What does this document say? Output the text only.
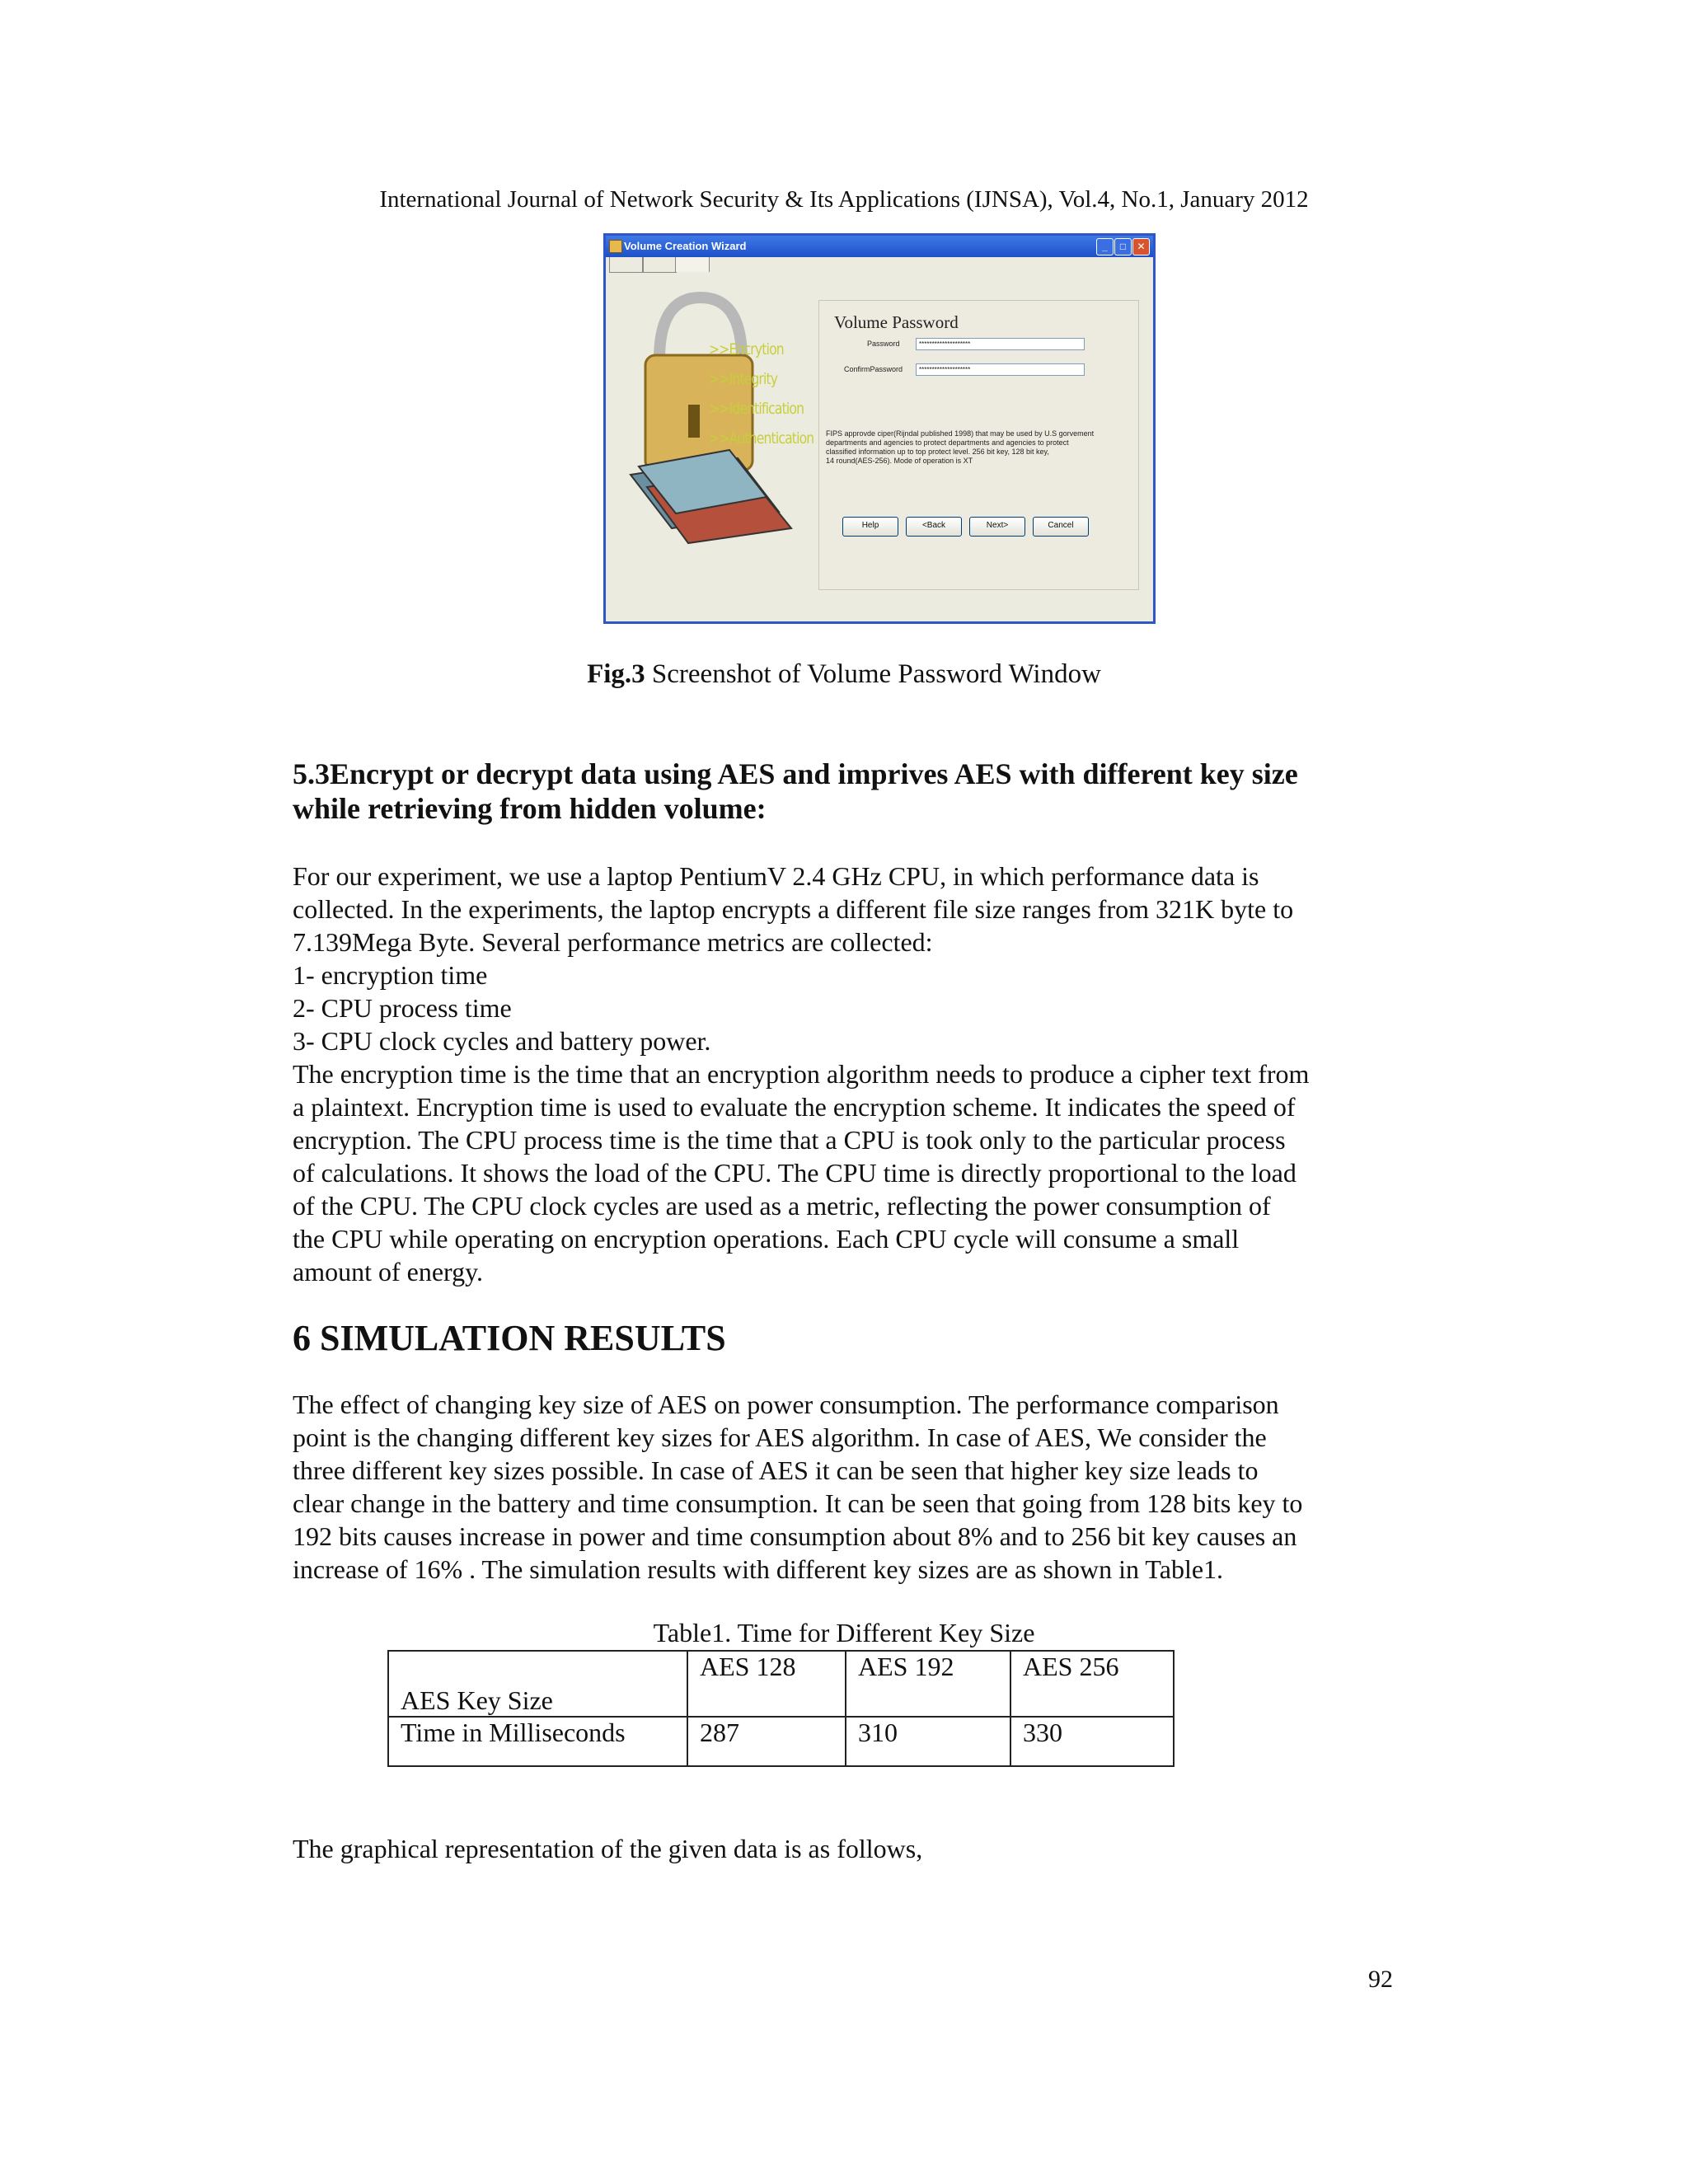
International Journal of Network Security & Its Applications (IJNSA), Vol.4, No.1, January 2012
Volume Creation Wizard	_	□	✕
>>Encrytion
>>Integrity
>>Identification
>>Authentication
Volume Password
Password	********************
ConfirmPassword	********************
FIPS approvde ciper(Rijndal published 1998) that may be used by U.S gorvement
departments and agencies to protect departments and agencies to protect
classified information up to top protect level. 256 bit key, 128 bit key,
14 round(AES-256). Mode of operation is XT
Help	<Back	Next>	Cancel
Fig.3 Screenshot of Volume Password Window
5.3Encrypt or decrypt data using AES and imprives AES with different key size
while retrieving from hidden volume:

For our experiment, we use a laptop PentiumV 2.4 GHz CPU, in which performance data is

collected. In the experiments, the laptop encrypts a different file size ranges from 321K byte to

7.139Mega Byte. Several performance metrics are collected:

1- encryption time

2- CPU process time

3- CPU clock cycles and battery power.

The encryption time is the time that an encryption algorithm needs to produce a cipher text from

a plaintext. Encryption time is used to evaluate the encryption scheme. It indicates the speed of

encryption. The CPU process time is the time that a CPU is took only to the particular process

of calculations. It shows the load of the CPU. The CPU time is directly proportional to the load

of the CPU. The CPU clock cycles are used as a metric, reflecting the power consumption of

the CPU while operating on encryption operations. Each CPU cycle will consume a small

amount of energy.

6 SIMULATION RESULTS

The effect of changing key size of AES on power consumption. The performance comparison

point is the changing different key sizes for AES algorithm. In case of AES, We consider the

three different key sizes possible. In case of AES it can be seen that higher key size leads to

clear change in the battery and time consumption. It can be seen that going from 128 bits key to

192 bits causes increase in power and time consumption about 8% and to 256 bit key causes an

increase of 16% . The simulation results with different key sizes are as shown in Table1.

Table1. Time for Different Key Size
AES Key Size	AES 128	AES 192	AES 256
Time in Milliseconds	287	310	330
The graphical representation of the given data is as follows,
92
